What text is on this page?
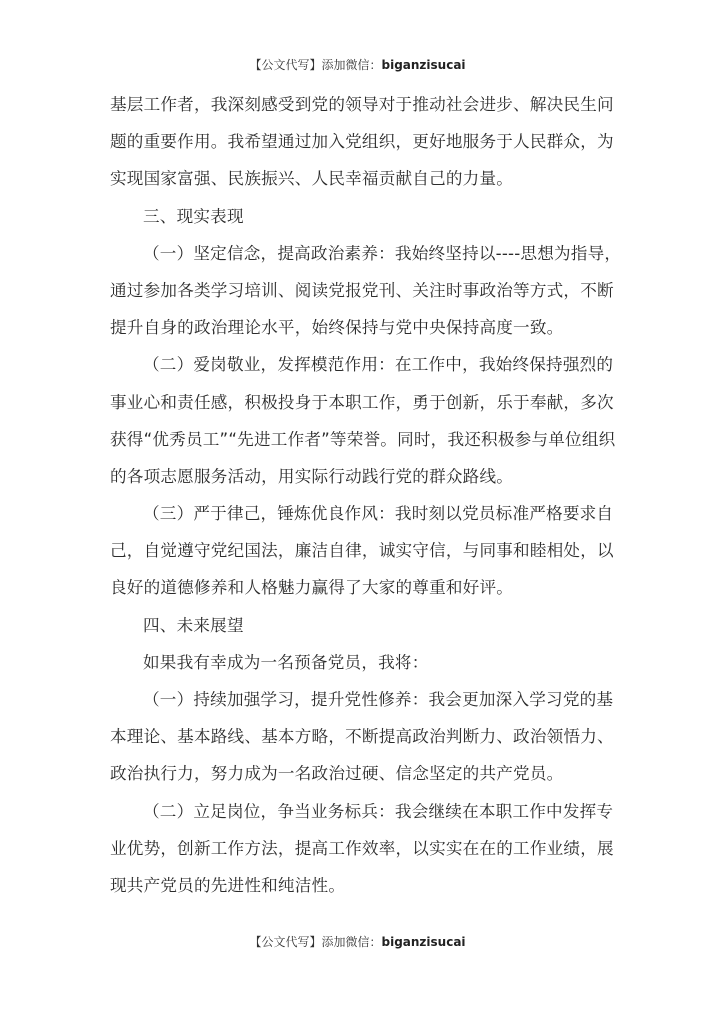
【公文代写】添加微信：biganzisucai
基层工作者，我深刻感受到党的领导对于推动社会进步、解决民生问
题的重要作用。我希望通过加入党组织，更好地服务于人民群众，为
实现国家富强、民族振兴、人民幸福贡献自己的力量。
三、现实表现
（一）坚定信念，提高政治素养：我始终坚持以----思想为指导，
通过参加各类学习培训、阅读党报党刊、关注时事政治等方式，不断
提升自身的政治理论水平，始终保持与党中央保持高度一致。
（二）爱岗敬业，发挥模范作用：在工作中，我始终保持强烈的
事业心和责任感，积极投身于本职工作，勇于创新，乐于奉献，多次
获得“优秀员工”“先进工作者”等荣誉。同时，我还积极参与单位组织
的各项志愿服务活动，用实际行动践行党的群众路线。
（三）严于律己，锤炼优良作风：我时刻以党员标准严格要求自
己，自觉遵守党纪国法，廉洁自律，诚实守信，与同事和睦相处，以
良好的道德修养和人格魅力赢得了大家的尊重和好评。
四、未来展望
如果我有幸成为一名预备党员，我将：
（一）持续加强学习，提升党性修养：我会更加深入学习党的基
本理论、基本路线、基本方略，不断提高政治判断力、政治领悟力、
政治执行力，努力成为一名政治过硬、信念坚定的共产党员。
（二）立足岗位，争当业务标兵：我会继续在本职工作中发挥专
业优势，创新工作方法，提高工作效率，以实实在在的工作业绩，展
现共产党员的先进性和纯洁性。
【公文代写】添加微信：biganzisucai
